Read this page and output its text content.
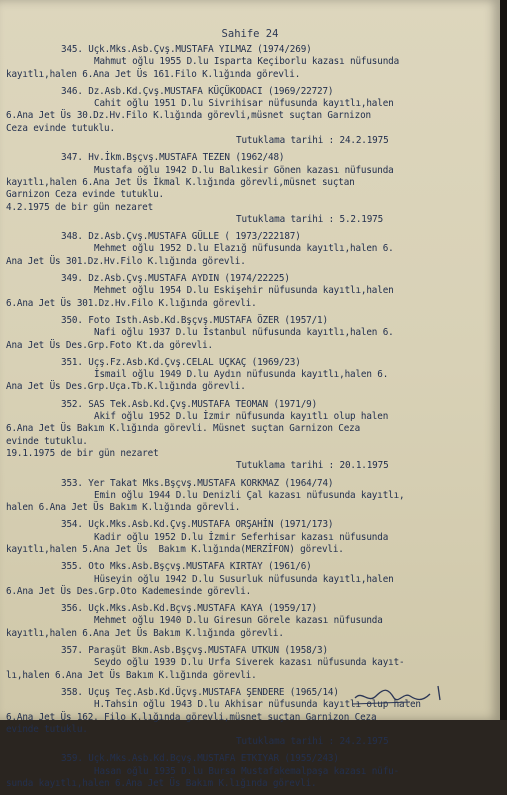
Sahife 24
345. Uçk.Mks.Asb.Çvş.MUSTAFA YILMAZ (1974/269)
Mahmut oğlu 1955 D.lu Isparta Keçiborlu kazası nüfusunda
kayıtlı,halen 6.Ana Jet Üs 161.Filo K.lığında görevli.
346. Dz.Asb.Kd.Çvş.MUSTAFA KÜÇÜKODACI (1969/22727)
Cahit oğlu 1951 D.lu Sivrihisar nüfusunda kayıtlı,halen
6.Ana Jet Üs 30.Dz.Hv.Filo K.lığında görevli,müsnet suçtan Garnizon
Ceza evinde tutuklu.
Tutuklama tarihi : 24.2.1975
347. Hv.İkm.Bşçvş.MUSTAFA TEZEN (1962/48)
Mustafa oğlu 1942 D.lu Balıkesir Gönen kazası nüfusunda
kayıtlı,halen 6.Ana Jet Üs İkmal K.lığında görevli,müsnet suçtan
Garnizon Ceza evinde tutuklu.
4.2.1975 de bir gün nezaret
Tutuklama tarihi : 5.2.1975
348. Dz.Asb.Çvş.MUSTAFA GÜLLE ( 1973/222187)
Mehmet oğlu 1952 D.lu Elazığ nüfusunda kayıtlı,halen 6.
Ana Jet Üs 301.Dz.Hv.Filo K.lığında görevli.
349. Dz.Asb.Çvş.MUSTAFA AYDIN (1974/22225)
Mehmet oğlu 1954 D.lu Eskişehir nüfusunda kayıtlı,halen
6.Ana Jet Üs 301.Dz.Hv.Filo K.lığında görevli.
350. Foto Isth.Asb.Kd.Bşçvş.MUSTAFA ÖZER (1957/1)
Nafi oğlu 1937 D.lu İstanbul nüfusunda kayıtlı,halen 6.
Ana Jet Üs Des.Grp.Foto Kt.da görevli.
351. Uçş.Fz.Asb.Kd.Çvş.CELAL UÇKAÇ (1969/23)
İsmail oğlu 1949 D.lu Aydın nüfusunda kayıtlı,halen 6.
Ana Jet Üs Des.Grp.Uça.Tb.K.lığında görevli.
352. SAS Tek.Asb.Kd.Çvş.MUSTAFA TEOMAN (1971/9)
Akif oğlu 1952 D.lu İzmir nüfusunda kayıtlı olup halen
6.Ana Jet Üs Bakım K.lığında görevli. Müsnet suçtan Garnizon Ceza
evinde tutuklu.
19.1.1975 de bir gün nezaret
Tutuklama tarihi : 20.1.1975
353. Yer Takat Mks.Bşçvş.MUSTAFA KORKMAZ (1964/74)
Emin oğlu 1944 D.lu Denizli Çal kazası nüfusunda kayıtlı,
halen 6.Ana Jet Üs Bakım K.lığında görevli.
354. Uçk.Mks.Asb.Kd.Çvş.MUSTAFA ORŞAHİN (1971/173)
Kadir oğlu 1952 D.lu İzmir Seferhisar kazası nüfusunda
kayıtlı,halen 5.Ana Jet Üs  Bakım K.lığında(MERZİFON) görevli.
355. Oto Mks.Asb.Bşçvş.MUSTAFA KIRTAY (1961/6)
Hüseyin oğlu 1942 D.lu Susurluk nüfusunda kayıtlı,halen
6.Ana Jet Üs Des.Grp.Oto Kademesinde görevli.
356. Uçk.Mks.Asb.Kd.Bçvş.MUSTAFA KAYA (1959/17)
Mehmet oğlu 1940 D.lu Giresun Görele kazası nüfusunda
kayıtlı,halen 6.Ana Jet Üs Bakım K.lığında görevli.
357. Paraşüt Bkm.Asb.Bşçvş.MUSTAFA UTKUN (1958/3)
Seydo oğlu 1939 D.lu Urfa Siverek kazası nüfusunda kayıt-
lı,halen 6.Ana Jet Üs Bakım K.lığında görevli.
358. Uçuş Teç.Asb.Kd.Üçvş.MUSTAFA ŞENDERE (1965/14)
H.Tahsin oğlu 1943 D.lu Akhisar nüfusunda kayıtlı olup halen
6.Ana Jet Üs 162. Filo K.lığında görevli,müsnet suçtan Garnizon Ceza
evinde tutuklu.
Tutuklama tarihi : 24.2.1975
359. Uçk.Mks.Asb.Kd.Bçvş.MUSTAFA ETKIYAR (1955/243)
Hasan oğlu 1935 D.lu Bursa Mustafakemalpaşa kazası nüfu-
sunda kayıtlı,halen 6.Ana Jet Üs Bakım K.lığında görevli.
